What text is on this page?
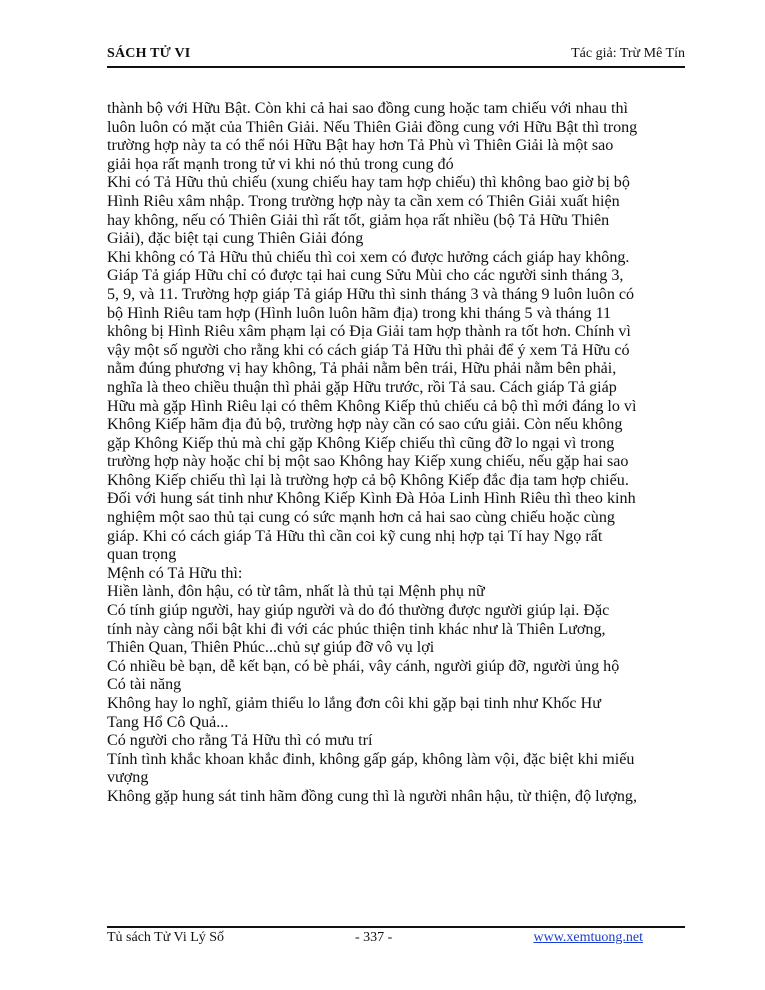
SÁCH TỬ VI	Tác giả: Trừ Mê Tín
thành bộ với Hữu Bật. Còn khi cả hai sao đồng cung hoặc tam chiếu với nhau thì
luôn luôn có mặt của Thiên Giải. Nếu Thiên Giải đồng cung với Hữu Bật thì trong
trường hợp này ta có thể nói Hữu Bật hay hơn Tả Phù vì Thiên Giải là một sao
giải họa rất mạnh trong tử vi khi nó thủ trong cung đó
Khi có Tả Hữu thủ chiếu (xung chiếu hay tam hợp chiếu) thì không bao giờ bị bộ
Hình Riêu xâm nhập. Trong trường hợp này ta cần xem có Thiên Giải xuất hiện
hay không, nếu có Thiên Giải thì rất tốt, giảm họa rất nhiều (bộ Tả Hữu Thiên
Giải), đặc biệt tại cung Thiên Giải đóng
Khi không có Tả Hữu thủ chiếu thì coi xem có được hưởng cách giáp hay không.
Giáp Tả giáp Hữu chỉ có được tại hai cung Sửu Mùi cho các người sinh tháng 3,
5, 9, và 11. Trường hợp giáp Tả giáp Hữu thì sinh tháng 3 và tháng 9 luôn luôn có
bộ Hình Riêu tam hợp (Hình luôn luôn hãm địa) trong khi tháng 5 và tháng 11
không bị Hình Riêu xâm phạm lại có Địa Giải tam hợp thành ra tốt hơn. Chính vì
vậy một số người cho rằng khi có cách giáp Tả Hữu thì phải để ý xem Tả Hữu có
nằm đúng phương vị hay không, Tả phải nằm bên trái, Hữu phải nằm bên phải,
nghĩa là theo chiều thuận thì phải gặp Hữu trước, rồi Tả sau. Cách giáp Tả giáp
Hữu mà gặp Hình Riêu lại có thêm Không Kiếp thủ chiếu cả bộ thì mới đáng lo vì
Không Kiếp hãm địa đủ bộ, trường hợp này cần có sao cứu giải. Còn nếu không
gặp Không Kiếp thủ mà chỉ gặp Không Kiếp chiếu thì cũng đỡ lo ngại vì trong
trường hợp này hoặc chỉ bị một sao Không hay Kiếp xung chiếu, nếu gặp hai sao
Không Kiếp chiếu thì lại là trường hợp cả bộ Không Kiếp đắc địa tam hợp chiếu.
Đối với hung sát tinh như Không Kiếp Kình Đà Hỏa Linh Hình Riêu thì theo kinh
nghiệm một sao thủ tại cung có sức mạnh hơn cả hai sao cùng chiếu hoặc cùng
giáp. Khi có cách giáp Tả Hữu thì cần coi kỹ cung nhị hợp tại Tí hay Ngọ rất
quan trọng
Mệnh có Tả Hữu thì:
Hiền lành, đôn hậu, có từ tâm, nhất là thủ tại Mệnh phụ nữ
Có tính giúp người, hay giúp người và do đó thường được người giúp lại. Đặc
tính này càng nổi bật khi đi với các phúc thiện tinh khác như là Thiên Lương,
Thiên Quan, Thiên Phúc...chủ sự giúp đỡ vô vụ lợi
Có nhiều bè bạn, dễ kết bạn, có bè phái, vây cánh, người giúp đỡ, người ủng hộ
Có tài năng
Không hay lo nghĩ, giảm thiểu lo lắng đơn côi khi gặp bại tinh như Khốc Hư
Tang Hổ Cô Quả...
Có người cho rằng Tả Hữu thì có mưu trí
Tính tình khắc khoan khắc đinh, không gấp gáp, không làm vội, đặc biệt khi miếu
vượng
Không gặp hung sát tinh hãm đồng cung thì là người nhân hậu, từ thiện, độ lượng,
Tủ sách Tử Vi Lý Số	- 337 -	www.xemtuong.net
